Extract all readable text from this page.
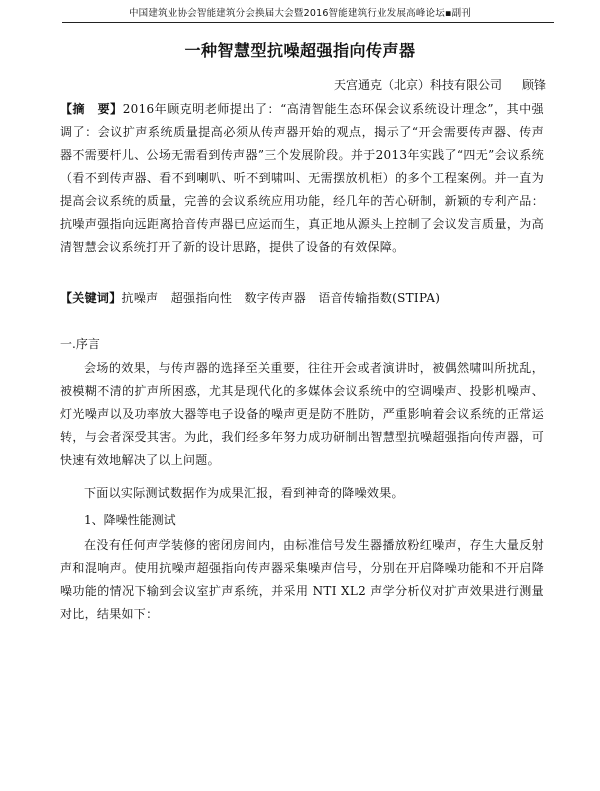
中国建筑业协会智能建筑分会换届大会暨2016智能建筑行业发展高峰论坛▪副刊
一种智慧型抗噪超强指向传声器
天宫通克（北京）科技有限公司 顾锋

【摘　要】2016年顾克明老师提出了：“高清智能生态环保会议系统设计理念”，其中强调了：会议扩声系统质量提高必须从传声器开始的观点，揭示了“开会需要传声器、传声器不需要杆儿、公场无需看到传声器”三个发展阶段。并于2013年实践了“四无”会议系统（看不到传声器、看不到喇叭、听不到啸叫、无需摆放机柜）的多个工程案例。并一直为提高会议系统的质量，完善的会议系统应用功能，经几年的苦心研制，新颖的专利产品：抗噪声强指向远距离拾音传声器已应运而生，真正地从源头上控制了会议发言质量，为高清智慧会议系统打开了新的设计思路，提供了设备的有效保障。

【关键词】抗噪声　超强指向性　数字传声器　语音传输指数(STIPA)

一.序言

会场的效果，与传声器的选择至关重要，往往开会或者演讲时，被偶然啸叫所扰乱，被模糊不清的扩声所困惑，尤其是现代化的多媒体会议系统中的空调噪声、投影机噪声、灯光噪声以及功率放大器等电子设备的噪声更是防不胜防，严重影响着会议系统的正常运转，与会者深受其害。为此，我们经多年努力成功研制出智慧型抗噪超强指向传声器，可快速有效地解决了以上问题。

下面以实际测试数据作为成果汇报，看到神奇的降噪效果。

1、降噪性能测试

在没有任何声学装修的密闭房间内，由标准信号发生器播放粉红噪声，存生大量反射声和混响声。使用抗噪声超强指向传声器采集噪声信号，分别在开启降噪功能和不开启降噪功能的情况下输到会议室扩声系统，并采用 NTI XL2 声学分析仪对扩声效果进行测量对比，结果如下：
